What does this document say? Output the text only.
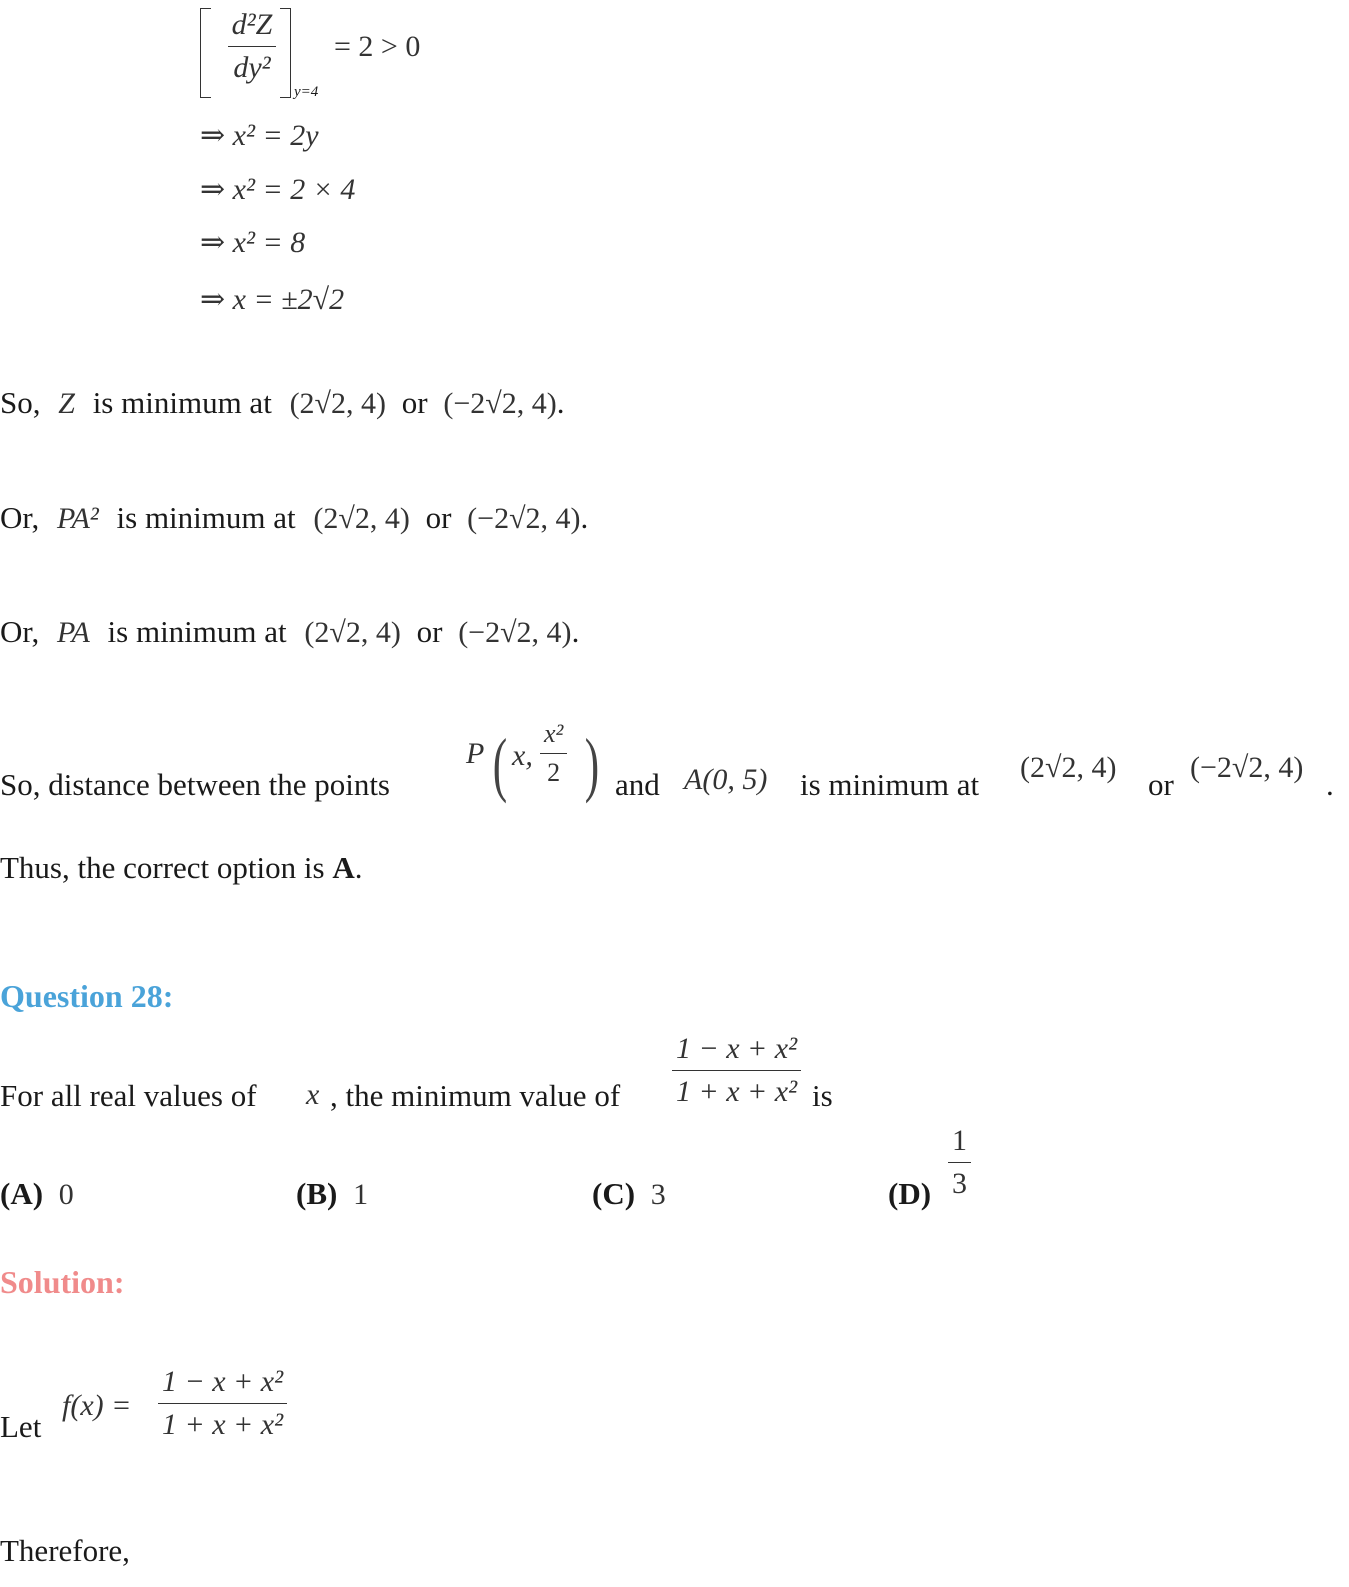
$\frac{\text{d²Z}}{\text{dy²}}$
y=4
= 2 > 0
⇒ x² = 2y
⇒ x² = 2 × 4
⇒ x² = 8
⇒ x = ±2√2
So, Z is minimum at (2√2, 4) or (−2√2, 4).
Or, PA² is minimum at (2√2, 4) or (−2√2, 4).
Or, PA is minimum at (2√2, 4) or (−2√2, 4).
So, distance between the points
P ( x, $\frac{\text{x²}}{2}$ ) and A(0, 5) is minimum at (2√2, 4) or (−2√2, 4) .
Thus, the correct option is A.
Question 28:
For all real values of x , the minimum value of $\frac{\text{1 − x + x²}}{\text{1 + x + x²}}$ is
(A) 0	(B) 1	(C) 3	$(D) \frac{1}{3}$
Solution:
Let
$f(x) = \frac{\text{1 − x + x²}}{\text{1 + x + x²}}$
Therefore,
